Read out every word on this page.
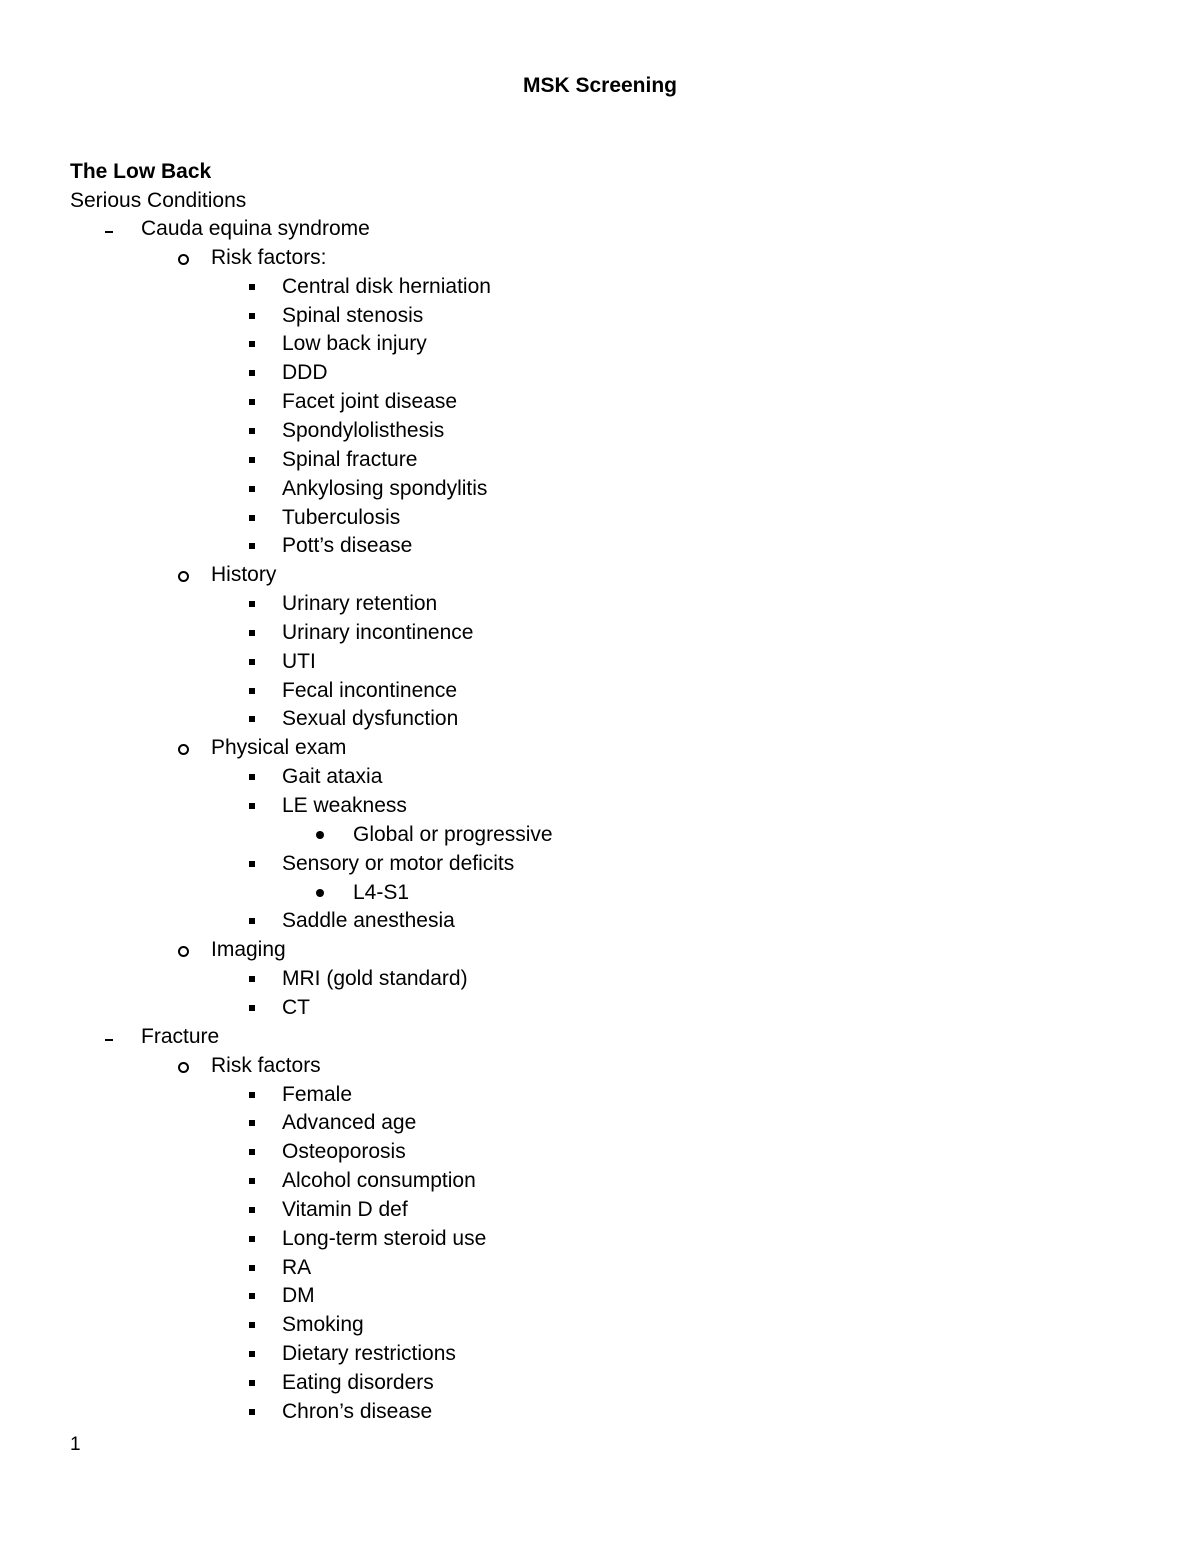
MSK Screening
The Low Back
Serious Conditions
Cauda equina syndrome
Risk factors:
Central disk herniation
Spinal stenosis
Low back injury
DDD
Facet joint disease
Spondylolisthesis
Spinal fracture
Ankylosing spondylitis
Tuberculosis
Pott’s disease
History
Urinary retention
Urinary incontinence
UTI
Fecal incontinence
Sexual dysfunction
Physical exam
Gait ataxia
LE weakness
Global or progressive
Sensory or motor deficits
L4-S1
Saddle anesthesia
Imaging
MRI (gold standard)
CT
Fracture
Risk factors
Female
Advanced age
Osteoporosis
Alcohol consumption
Vitamin D def
Long-term steroid use
RA
DM
Smoking
Dietary restrictions
Eating disorders
Chron’s disease
1
